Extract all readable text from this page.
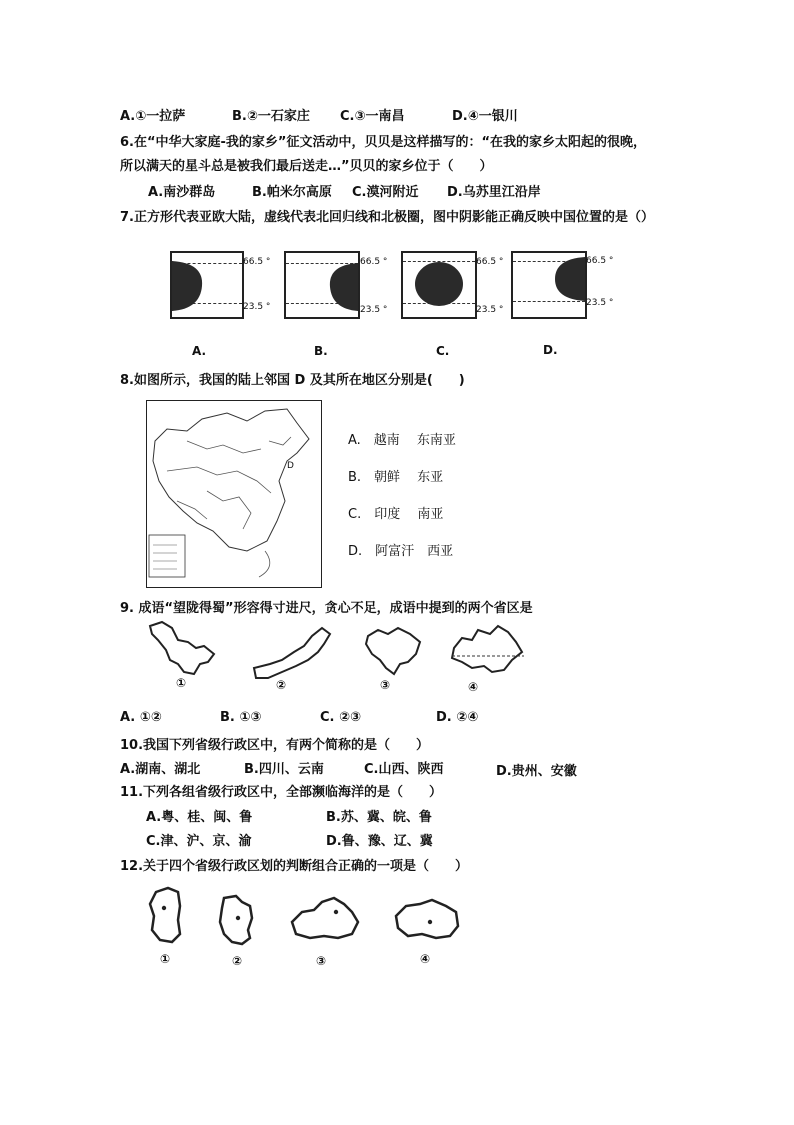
A.①一拉萨	B.②一石家庄 C.③一南昌	D.④一银川
6.在“中华大家庭-我的家乡”征文活动中，贝贝是这样描写的：“在我的家乡太阳起的很晚，
所以满天的星斗总是被我们最后送走…”贝贝的家乡位于（　　）
A.南沙群岛	B.帕米尔高原 C.漠河附近 D.乌苏里江沿岸
7.正方形代表亚欧大陆，虚线代表北回归线和北极圈，图中阴影能正确反映中国位置的是（）
66.5 °
23.5 °
66.5 °
23.5 °
66.5 °
23.5 °
66.5 °
23.5 °
A.	B.	C.	D.
8.如图所示，我国的陆上邻国 D 及其所在地区分别是(　　)
D
A.　越南　 东南亚
B.　朝鲜　 东亚
C.　印度　 南亚
D.　阿富汗　西亚
9. 成语“望陇得蜀”形容得寸进尺，贪心不足，成语中提到的两个省区是
①	②	③	④
A. ①②	B. ①③	C. ②③	D. ②④
10.我国下列省级行政区中，有两个简称的是（　　）
A.湖南、湖北	B.四川、云南	C.山西、陕西	D.贵州、安徽
11.下列各组省级行政区中，全部濒临海洋的是（　　）
A.粤、桂、闽、鲁	B.苏、冀、皖、鲁
C.津、沪、京、渝	D.鲁、豫、辽、冀
12.关于四个省级行政区划的判断组合正确的一项是（　　）
①	②	③	④
